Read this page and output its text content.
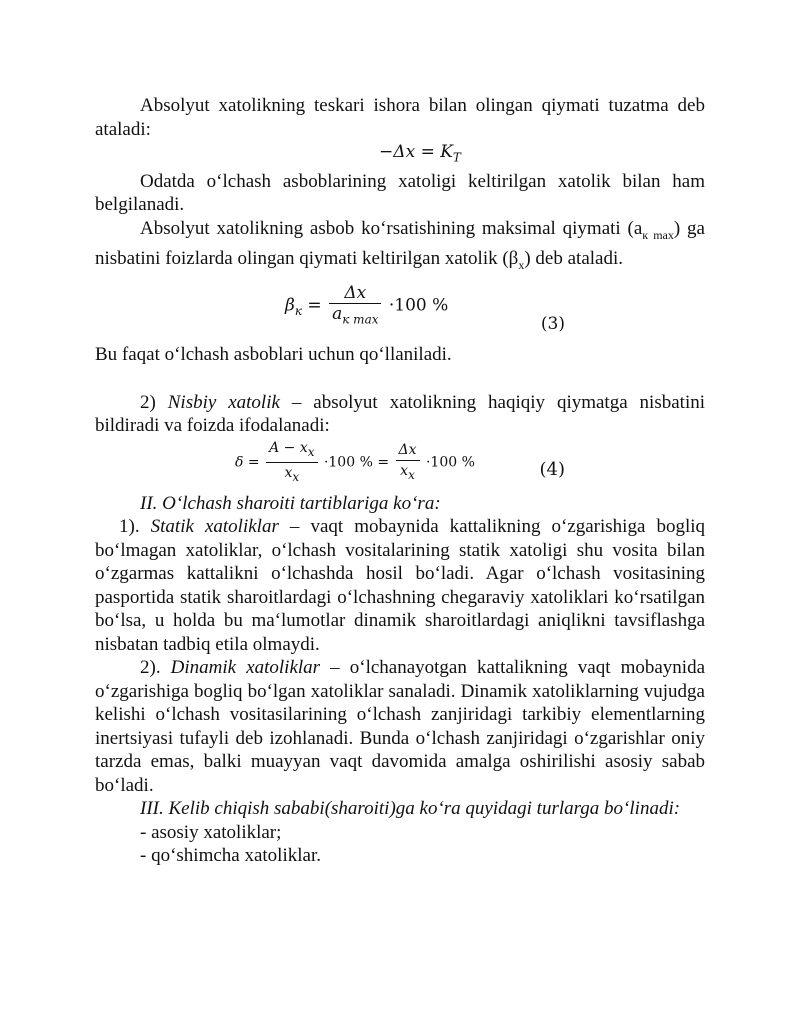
Absolyut xatolikning teskari ishora bilan olingan qiymati tuzatma deb ataladi:

$-\Delta x = K_T$

Odatda o‘lchash asboblarining xatoligi keltirilgan xatolik bilan ham belgilanadi.

Absolyut xatolikning asbob ko‘rsatishining maksimal qiymati $(a_{к max})$ ga nisbatini foizlarda olingan qiymati keltirilgan xatolik $(\beta_х)$ deb ataladi.

$\beta_к = \frac{\Delta x}{a_{к max}} \cdot 100$ %
(3)

Bu faqat o‘lchash asboblari uchun qo‘llaniladi.

2) Nisbiy xatolik – absolyut xatolikning haqiqiy qiymatga nisbatini bildiradi va foizda ifodalanadi:

$\delta = \frac{A - x_x}{x_x} \cdot 100$ % = $\frac{\Delta x}{x_x} \cdot 100$ %	(4)

II. O‘lchash sharoiti tartiblariga ko‘ra:

1). Statik xatoliklar – vaqt mobaynida kattalikning o‘zgarishiga bogliq bo‘lmagan xatoliklar, o‘lchash vositalarining statik xatoligi shu vosita bilan o‘zgarmas kattalikni o‘lchashda hosil bo‘ladi. Agar o‘lchash vositasining pasportida statik sharoitlardagi o‘lchashning chegaraviy xatoliklari ko‘rsatilgan bo‘lsa, u holda bu ma‘lumotlar dinamik sharoitlardagi aniqlikni tavsiflashga nisbatan tadbiq etila olmaydi.

2). Dinamik xatoliklar – o‘lchanayotgan kattalikning vaqt mobaynida o‘zgarishiga bogliq bo‘lgan xatoliklar sanaladi. Dinamik xatoliklarning vujudga kelishi o‘lchash vositasilarining o‘lchash zanjiridagi tarkibiy elementlarning inertsiyasi tufayli deb izohlanadi. Bunda o‘lchash zanjiridagi o‘zgarishlar oniy tarzda emas, balki muayyan vaqt davomida amalga oshirilishi asosiy sabab bo‘ladi.

III. Kelib chiqish sababi(sharoiti)ga ko‘ra quyidagi turlarga bo‘linadi:

- asosiy xatoliklar;

- qo‘shimcha xatoliklar.
